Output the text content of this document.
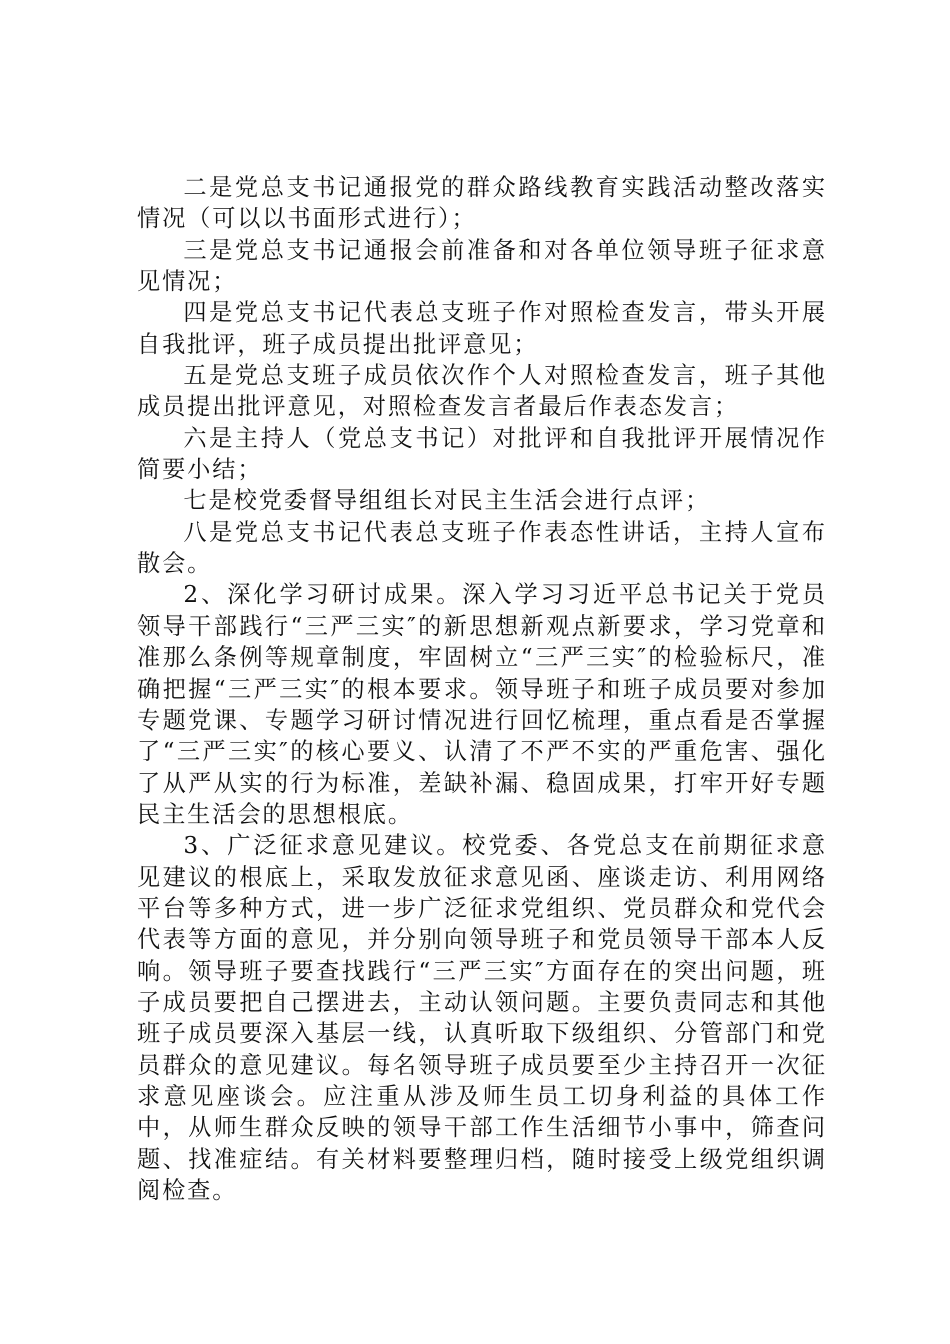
二是党总支书记通报党的群众路线教育实践活动整改落实情况（可以以书面形式进行）；

三是党总支书记通报会前准备和对各单位领导班子征求意见情况；

四是党总支书记代表总支班子作对照检查发言，带头开展自我批评，班子成员提出批评意见；

五是党总支班子成员依次作个人对照检查发言，班子其他成员提出批评意见，对照检查发言者最后作表态发言；

六是主持人（党总支书记）对批评和自我批评开展情况作简要小结；

七是校党委督导组组长对民主生活会进行点评；

八是党总支书记代表总支班子作表态性讲话，主持人宣布散会。

2、深化学习研讨成果。深入学习习近平总书记关于党员领导干部践行“三严三实″的新思想新观点新要求，学习党章和准那么条例等规章制度，牢固树立“三严三实″的检验标尺，准确把握“三严三实″的根本要求。领导班子和班子成员要对参加专题党课、专题学习研讨情况进行回忆梳理，重点看是否掌握了“三严三实″的核心要义、认清了不严不实的严重危害、强化了从严从实的行为标准，差缺补漏、稳固成果，打牢开好专题民主生活会的思想根底。

3、广泛征求意见建议。校党委、各党总支在前期征求意见建议的根底上，采取发放征求意见函、座谈走访、利用网络平台等多种方式，进一步广泛征求党组织、党员群众和党代会代表等方面的意见，并分别向领导班子和党员领导干部本人反响。领导班子要查找践行“三严三实″方面存在的突出问题，班子成员要把自己摆进去，主动认领问题。主要负责同志和其他班子成员要深入基层一线，认真听取下级组织、分管部门和党员群众的意见建议。每名领导班子成员要至少主持召开一次征求意见座谈会。应注重从涉及师生员工切身利益的具体工作中，从师生群众反映的领导干部工作生活细节小事中，筛查问题、找准症结。有关材料要整理归档，随时接受上级党组织调阅检查。
